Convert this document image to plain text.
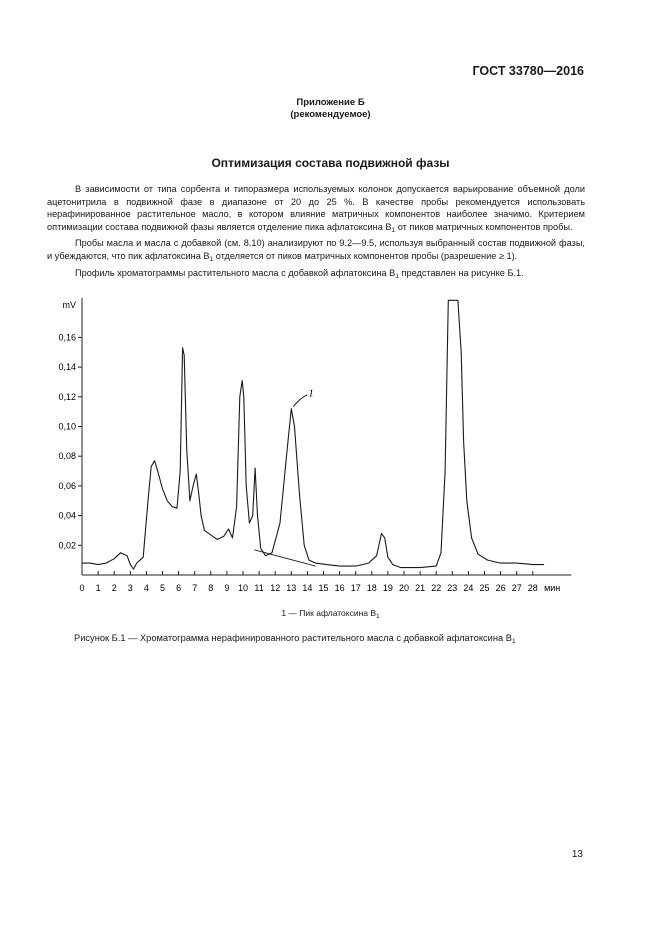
ГОСТ 33780—2016
Приложение Б
(рекомендуемое)
Оптимизация состава подвижной фазы

В зависимости от типа сорбента и типоразмера используемых колонок допускается варьирование объемной доли ацетонитрила в подвижной фазе в диапазоне от 20 до 25 %. В качестве пробы рекомендуется использовать нерафинированное растительное масло, в котором влияние матричных компонентов наиболее значимо. Критерием оптимизации состава подвижной фазы является отделение пика афлатоксина $B_1$ от пиков матричных компонентов пробы.

Пробы масла и масла с добавкой (см. 8.10) анализируют по 9.2—9.5, используя выбранный состав подвижной фазы, и убеждаются, что пик афлатоксина $B_1$ отделяется от пиков матричных компонентов пробы (разрешение ≥ 1).

Профиль хроматограммы растительного масла с добавкой афлатоксина $B_1$ представлен на рисунке Б.1.

mV
мин
0,02
0,04
0,06
0,08
0,10
0,12
0,14
0,16
0 1 2 3 4 5 6 7 8 9 10 11 12 13 14 15 16 17 18 19 20 21 22 23 24 25 26 27 28
1
1 — Пик афлатоксина $B_1$
Рисунок Б.1 — Хроматограмма нерафинированного растительного масла с добавкой афлатоксина $B_1$
13
